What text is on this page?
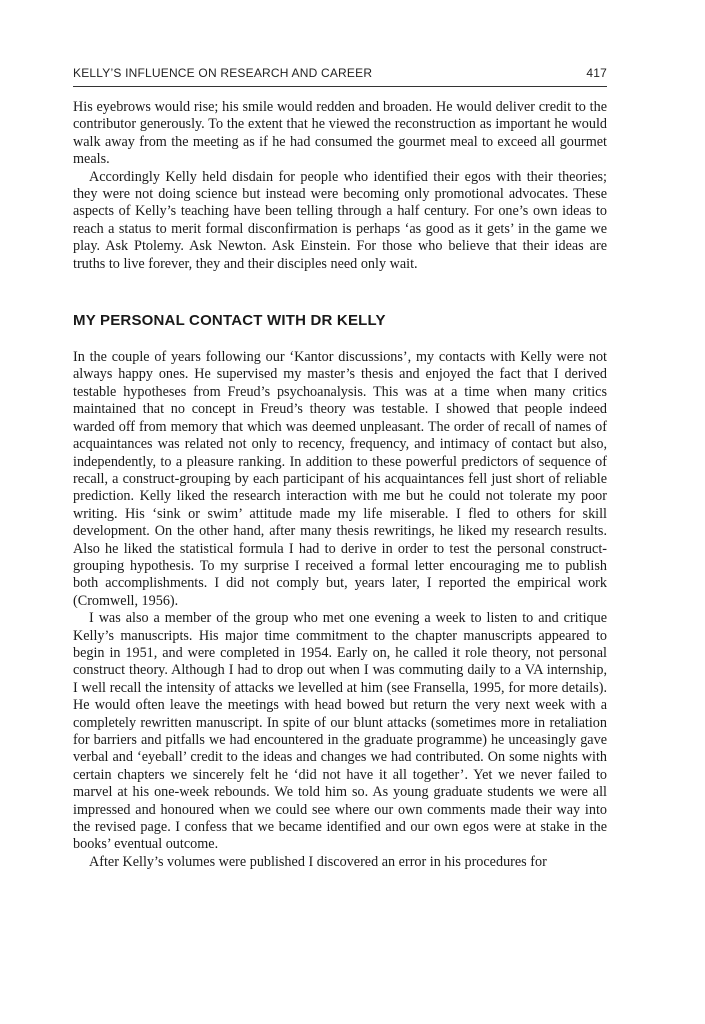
KELLY’S INFLUENCE ON RESEARCH AND CAREER	417

His eyebrows would rise; his smile would redden and broaden. He would deliver credit to the contributor generously. To the extent that he viewed the reconstruction as important he would walk away from the meeting as if he had consumed the gourmet meal to exceed all gourmet meals.

Accordingly Kelly held disdain for people who identified their egos with their theories; they were not doing science but instead were becoming only promotional advocates. These aspects of Kelly’s teaching have been telling through a half century. For one’s own ideas to reach a status to merit formal disconfirmation is perhaps ‘as good as it gets’ in the game we play. Ask Ptolemy. Ask Newton. Ask Einstein. For those who believe that their ideas are truths to live forever, they and their disciples need only wait.

MY PERSONAL CONTACT WITH DR KELLY

In the couple of years following our ‘Kantor discussions’, my contacts with Kelly were not always happy ones. He supervised my master’s thesis and enjoyed the fact that I derived testable hypotheses from Freud’s psychoanalysis. This was at a time when many critics maintained that no concept in Freud’s theory was testable. I showed that people indeed warded off from memory that which was deemed unpleasant. The order of recall of names of acquaintances was related not only to recency, frequency, and intimacy of contact but also, independently, to a pleasure ranking. In addition to these powerful predictors of sequence of recall, a construct-grouping by each participant of his acquaintances fell just short of reliable prediction. Kelly liked the research interaction with me but he could not tolerate my poor writing. His ‘sink or swim’ attitude made my life miserable. I fled to others for skill development. On the other hand, after many thesis rewritings, he liked my research results. Also he liked the statistical formula I had to derive in order to test the personal construct-grouping hypothesis. To my surprise I received a formal letter encouraging me to publish both accomplishments. I did not comply but, years later, I reported the empirical work (Cromwell, 1956).

I was also a member of the group who met one evening a week to listen to and critique Kelly’s manuscripts. His major time commitment to the chapter manuscripts appeared to begin in 1951, and were completed in 1954. Early on, he called it role theory, not personal construct theory. Although I had to drop out when I was commuting daily to a VA internship, I well recall the intensity of attacks we levelled at him (see Fransella, 1995, for more details). He would often leave the meetings with head bowed but return the very next week with a completely rewritten manuscript. In spite of our blunt attacks (sometimes more in retaliation for barriers and pitfalls we had encountered in the graduate programme) he unceasingly gave verbal and ‘eyeball’ credit to the ideas and changes we had contributed. On some nights with certain chapters we sincerely felt he ‘did not have it all together’. Yet we never failed to marvel at his one-week rebounds. We told him so. As young graduate students we were all impressed and honoured when we could see where our own comments made their way into the revised page. I confess that we became identified and our own egos were at stake in the books’ eventual outcome.

After Kelly’s volumes were published I discovered an error in his procedures for
